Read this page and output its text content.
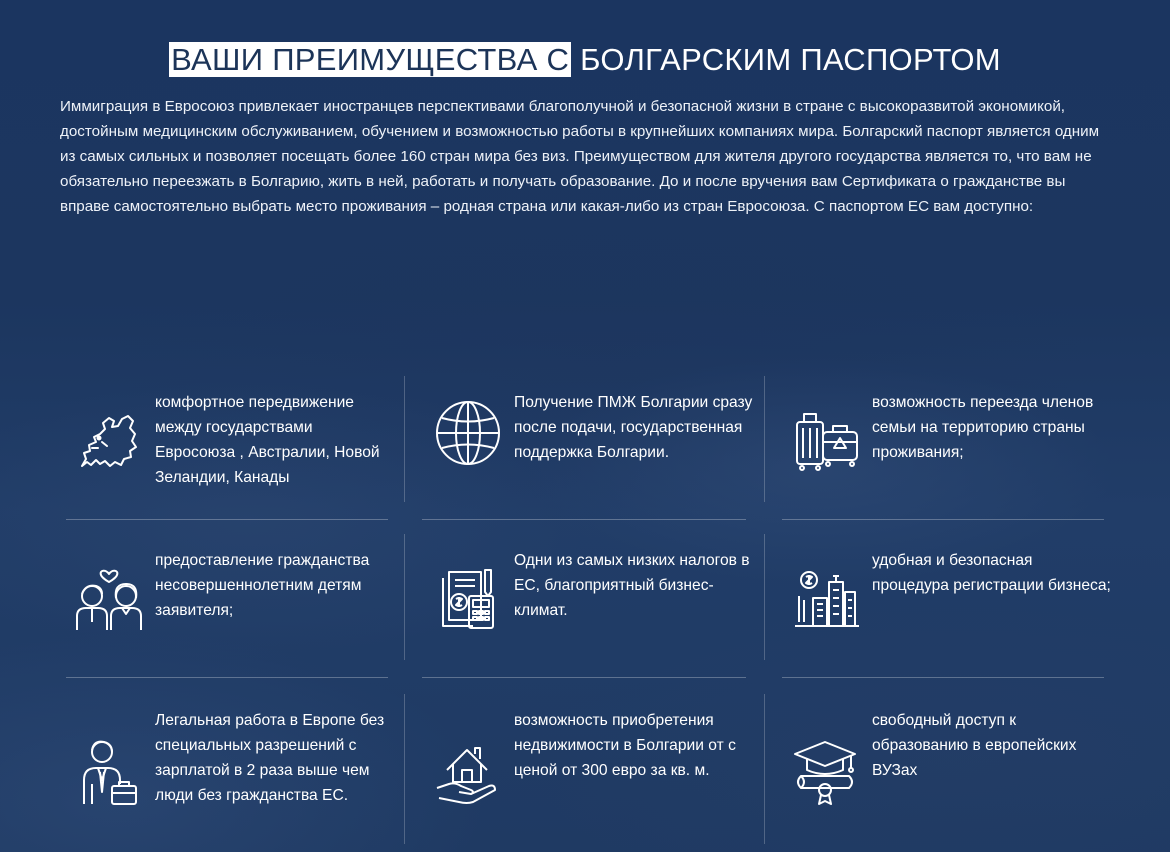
ВАШИ ПРЕИМУЩЕСТВА С БОЛГАРСКИМ ПАСПОРТОМ

Иммиграция в Евросоюз привлекает иностранцев перспективами благополучной и безопасной жизни в стране с высокоразвитой экономикой, достойным медицинским обслуживанием, обучением и возможностью работы в крупнейших компаниях мира. Болгарский паспорт является одним из самых сильных и позволяет посещать более 160 стран мира без виз. Преимуществом для жителя другого государства является то, что вам не обязательно переезжать в Болгарию, жить в ней, работать и получать образование. До и после вручения вам Сертификата о гражданстве вы вправе самостоятельно выбрать место проживания – родная страна или какая-либо из стран Евросоюза. С паспортом ЕС вам доступно:

комфортное передвижение между государствами Евросоюза , Австралии, Новой Зеландии, Канады
Получение ПМЖ Болгарии сразу после подачи, государственная поддержка Болгарии.
возможность переезда членов семьи на территорию страны проживания;
предоставление гражданства несовершеннолетним детям заявителя;
Одни из самых низких налогов в ЕС, благоприятный бизнес-климат.
удобная и безопасная процедура регистрации бизнеса;
Легальная работа в Европе без специальных разрешений с зарплатой в 2 раза выше чем люди без гражданства ЕС.
возможность приобретения недвижимости в Болгарии от с ценой от 300 евро за кв. м.
свободный доступ к образованию в европейских ВУЗах
